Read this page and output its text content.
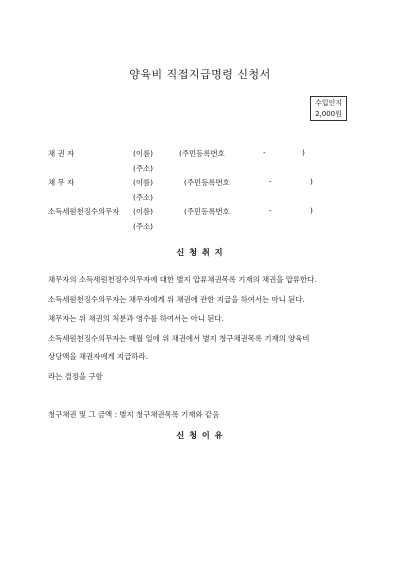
양육비 직접지급명령 신청서
수입인지
2,000원
채 권 자	(이름)	(주민등록번호	-	)
(주소)
채 무 자	(이름)	(주민등록번호	-	)
(주소)
소득세원천징수의무자 (이름)	(주민등록번호	-	)
(주소)
신 청 취 지
채무자의 소득세원천징수의무자에 대한 별지 압류채권목록 기재의 채권을 압류한다.
소득세원천징수의무자는 채무자에게 위 채권에 관한 지급을 하여서는 아니 된다.
채무자는 위 채권의 처분과 영수를 하여서는 아니 된다.
소득세원천징수의무자는 매월 일에 위 채권에서 별지 청구채권목록 기재의 양육비
상당액을 채권자에게 지급하라.
라는 결정을 구함
청구채권 및 그 금액 : 별지 청구채권목록 기재와 같음
신 청 이 유
